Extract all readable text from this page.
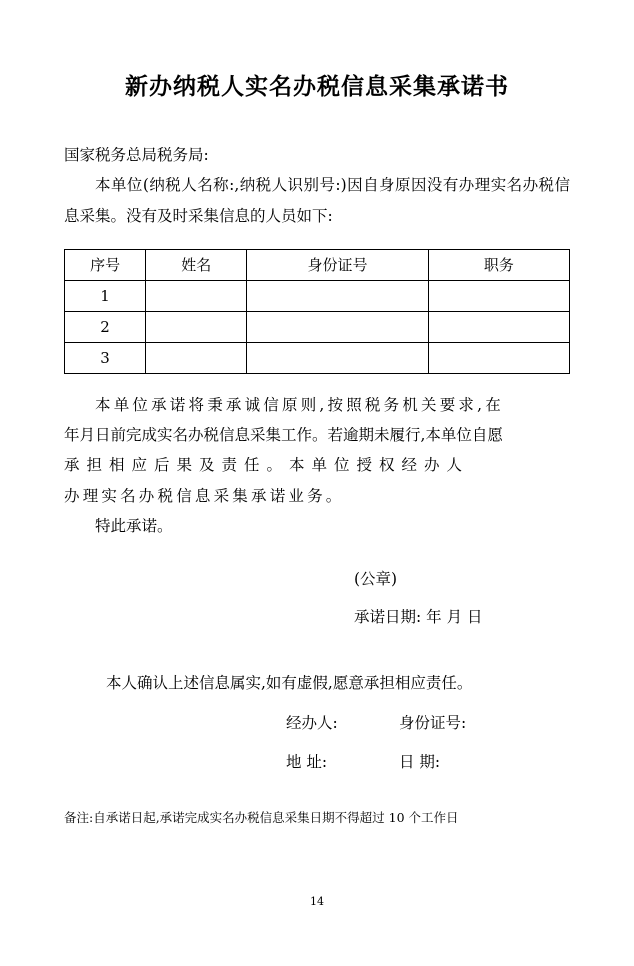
新办纳税人实名办税信息采集承诺书
国家税务总局税务局:

本单位(纳税人名称:,纳税人识别号:)因自身原因没有办理实名办税信息采集。没有及时采集信息的人员如下:

序号	姓名	身份证号	职务
1			
2			
3			
本单位承诺将秉承诚信原则,按照税务机关要求,在
年月日前完成实名办税信息采集工作。若逾期未履行,本单位自愿
承担相应后果及责任。本单位授权经办人
办理实名办税信息采集承诺业务。

特此承诺。

(公章)
承诺日期: 年 月 日
本人确认上述信息属实,如有虚假,愿意承担相应责任。
经办人:	身份证号:
地 址:	日 期:
备注:自承诺日起,承诺完成实名办税信息采集日期不得超过 10 个工作日
14
